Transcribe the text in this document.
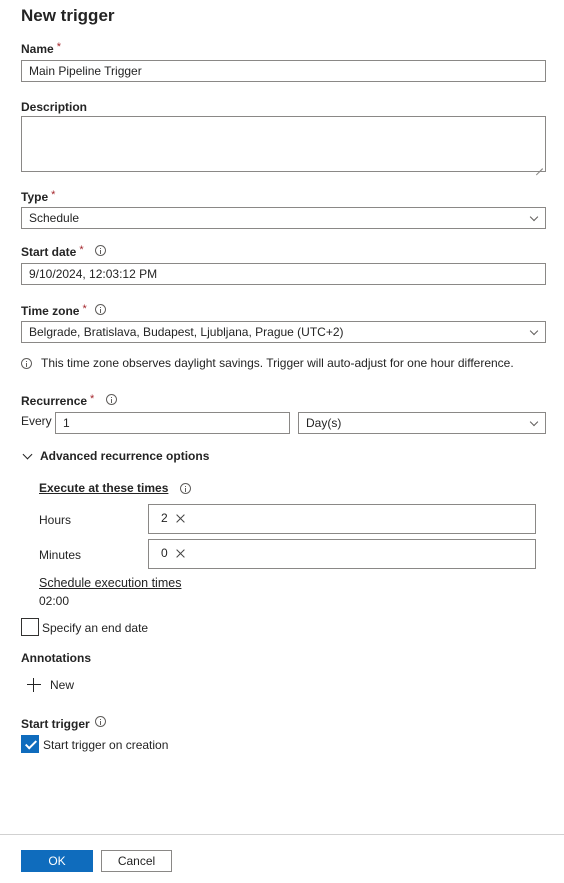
New trigger
Name *
Main Pipeline Trigger
Description
Type *
Schedule
Start date *
9/10/2024, 12:03:12 PM
Time zone *
Belgrade, Bratislava, Budapest, Ljubljana, Prague (UTC+2)
This time zone observes daylight savings. Trigger will auto-adjust for one hour difference.
Recurrence *
Every 1	Day(s)
Advanced recurrence options
Execute at these times
Hours	2
Minutes	0
Schedule execution times
02:00
Specify an end date
Annotations
New
Start trigger
Start trigger on creation
OK	Cancel
